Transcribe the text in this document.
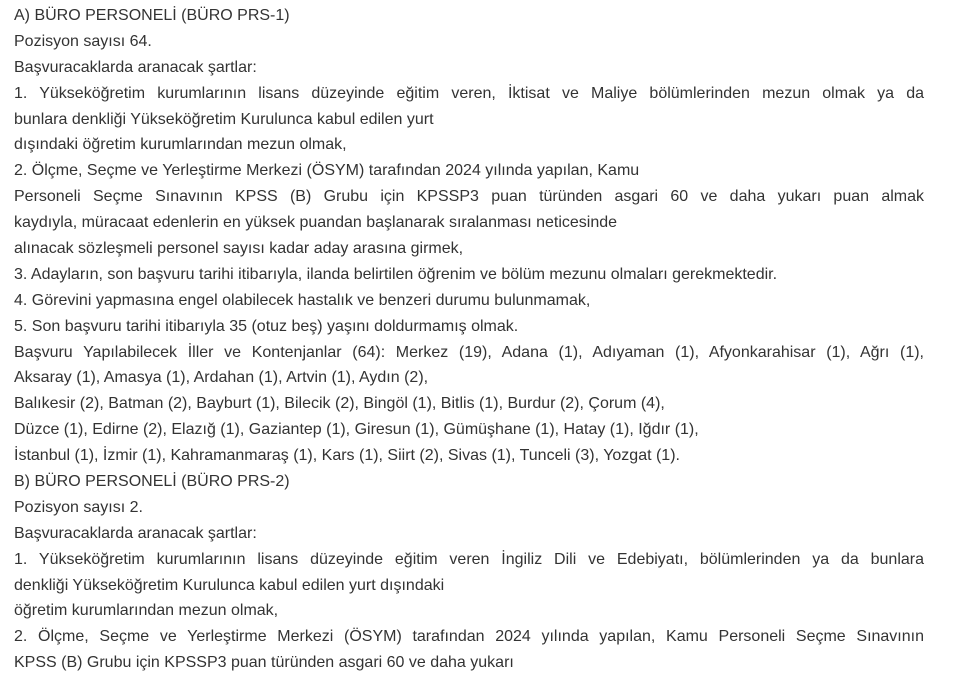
A) BÜRO PERSONELİ (BÜRO PRS-1)
Pozisyon sayısı 64.
Başvuracaklarda aranacak şartlar:
1. Yükseköğretim kurumlarının lisans düzeyinde eğitim veren, İktisat ve Maliye bölümlerinden mezun olmak ya da
bunlara denkliği Yükseköğretim Kurulunca kabul edilen yurt
dışındaki öğretim kurumlarından mezun olmak,
2. Ölçme, Seçme ve Yerleştirme Merkezi (ÖSYM) tarafından 2024 yılında yapılan, Kamu
Personeli Seçme Sınavının KPSS (B) Grubu için KPSSP3 puan türünden asgari 60 ve daha yukarı puan almak
kaydıyla, müracaat edenlerin en yüksek puandan başlanarak sıralanması neticesinde
alınacak sözleşmeli personel sayısı kadar aday arasına girmek,
3. Adayların, son başvuru tarihi itibarıyla, ilanda belirtilen öğrenim ve bölüm mezunu olmaları gerekmektedir.
4. Görevini yapmasına engel olabilecek hastalık ve benzeri durumu bulunmamak,
5. Son başvuru tarihi itibarıyla 35 (otuz beş) yaşını doldurmamış olmak.
Başvuru Yapılabilecek İller ve Kontenjanlar (64): Merkez (19), Adana (1), Adıyaman (1), Afyonkarahisar (1), Ağrı (1),
Aksaray (1), Amasya (1), Ardahan (1), Artvin (1), Aydın (2),
Balıkesir (2), Batman (2), Bayburt (1), Bilecik (2), Bingöl (1), Bitlis (1), Burdur (2), Çorum (4),
Düzce (1), Edirne (2), Elazığ (1), Gaziantep (1), Giresun (1), Gümüşhane (1), Hatay (1), Iğdır (1),
İstanbul (1), İzmir (1), Kahramanmaraş (1), Kars (1), Siirt (2), Sivas (1), Tunceli (3), Yozgat (1).
B) BÜRO PERSONELİ (BÜRO PRS-2)
Pozisyon sayısı 2.
Başvuracaklarda aranacak şartlar:
1. Yükseköğretim kurumlarının lisans düzeyinde eğitim veren İngiliz Dili ve Edebiyatı, bölümlerinden ya da bunlara
denkliği Yükseköğretim Kurulunca kabul edilen yurt dışındaki
öğretim kurumlarından mezun olmak,
2. Ölçme, Seçme ve Yerleştirme Merkezi (ÖSYM) tarafından 2024 yılında yapılan, Kamu Personeli Seçme Sınavının
KPSS (B) Grubu için KPSSP3 puan türünden asgari 60 ve daha yukarı
